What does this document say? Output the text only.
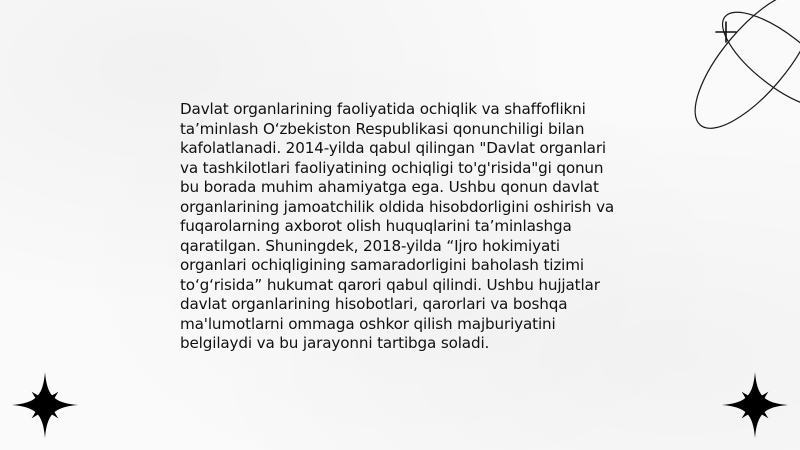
Davlat organlarining faoliyatida ochiqlik va shaffoflikni ta’minlash O‘zbekiston Respublikasi qonunchiligi bilan kafolatlanadi. 2014-yilda qabul qilingan "Davlat organlari va tashkilotlari faoliyatining ochiqligi to'g'risida"gi qonun bu borada muhim ahamiyatga ega. Ushbu qonun davlat organlarining jamoatchilik oldida hisobdorligini oshirish va fuqarolarning axborot olish huquqlarini ta’minlashga qaratilgan. Shuningdek, 2018-yilda “Ijro hokimiyati organlari ochiqligining samaradorligini baholash tizimi to‘g‘risida” hukumat qarori qabul qilindi. Ushbu hujjatlar davlat organlarining hisobotlari, qarorlari va boshqa ma'lumotlarni ommaga oshkor qilish majburiyatini belgilaydi va bu jarayonni tartibga soladi.
